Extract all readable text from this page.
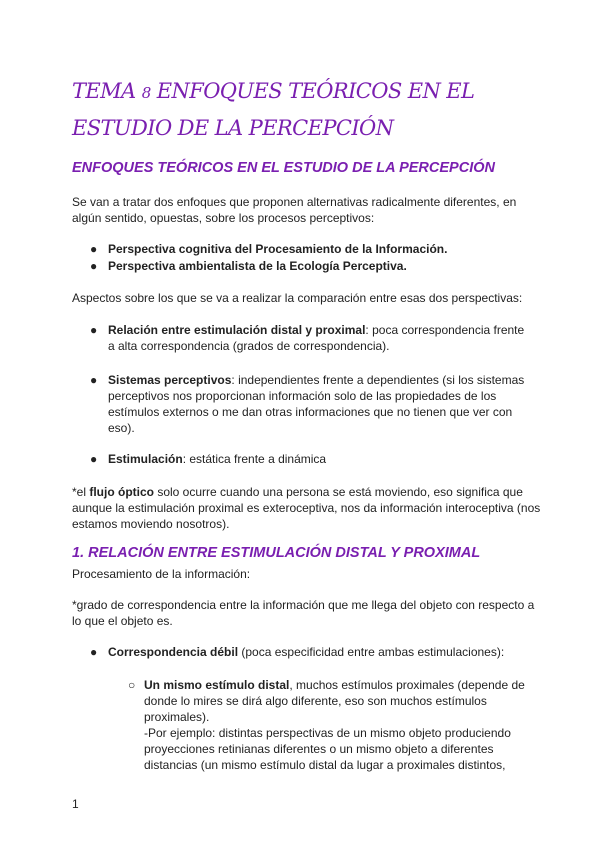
TEMA 8 ENFOQUES TEÓRICOS EN EL ESTUDIO DE LA PERCEPCIÓN
ENFOQUES TEÓRICOS EN EL ESTUDIO DE LA PERCEPCIÓN

Se van a tratar dos enfoques que proponen alternativas radicalmente diferentes, en algún sentido, opuestas, sobre los procesos perceptivos:

● Perspectiva cognitiva del Procesamiento de la Información.
● Perspectiva ambientalista de la Ecología Perceptiva.

Aspectos sobre los que se va a realizar la comparación entre esas dos perspectivas:

● Relación entre estimulación distal y proximal: poca correspondencia frente a alta correspondencia (grados de correspondencia).
● Sistemas perceptivos: independientes frente a dependientes (si los sistemas perceptivos nos proporcionan información solo de las propiedades de los estímulos externos o me dan otras informaciones que no tienen que ver con eso).
● Estimulación: estática frente a dinámica

*el flujo óptico solo ocurre cuando una persona se está moviendo, eso significa que aunque la estimulación proximal es exteroceptiva, nos da información interoceptiva (nos estamos moviendo nosotros).

1. RELACIÓN ENTRE ESTIMULACIÓN DISTAL Y PROXIMAL

Procesamiento de la información:

*grado de correspondencia entre la información que me llega del objeto con respecto a lo que el objeto es.

● Correspondencia débil (poca especificidad entre ambas estimulaciones):
○ Un mismo estímulo distal, muchos estímulos proximales (depende de donde lo mires se dirá algo diferente, eso son muchos estímulos proximales).
-Por ejemplo: distintas perspectivas de un mismo objeto produciendo proyecciones retinianas diferentes o un mismo objeto a diferentes distancias (un mismo estímulo distal da lugar a proximales distintos,
1
